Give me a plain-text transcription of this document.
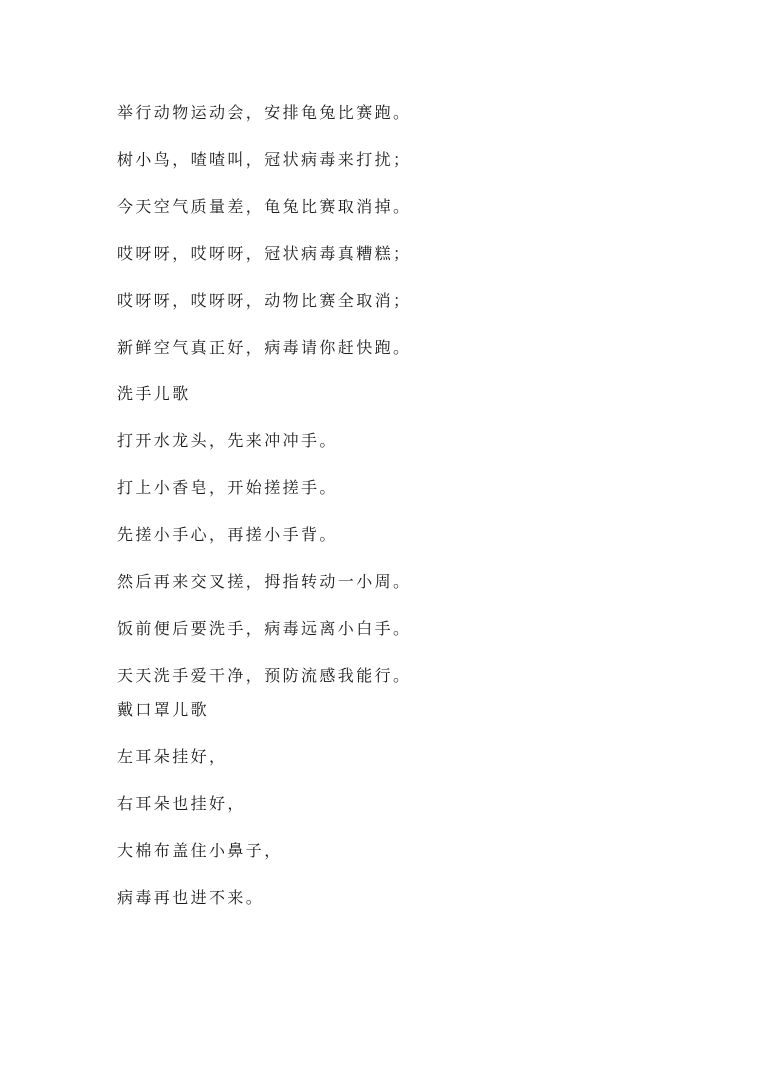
举行动物运动会，安排龟兔比赛跑。
树小鸟，喳喳叫，冠状病毒来打扰；
今天空气质量差，龟兔比赛取消掉。
哎呀呀，哎呀呀，冠状病毒真糟糕；
哎呀呀，哎呀呀，动物比赛全取消；
新鲜空气真正好，病毒请你赶快跑。
洗手儿歌
打开水龙头，先来冲冲手。
打上小香皂，开始搓搓手。
先搓小手心，再搓小手背。
然后再来交叉搓，拇指转动一小周。
饭前便后要洗手，病毒远离小白手。
天天洗手爱干净，预防流感我能行。
戴口罩儿歌
左耳朵挂好，
右耳朵也挂好，
大棉布盖住小鼻子，
病毒再也进不来。
